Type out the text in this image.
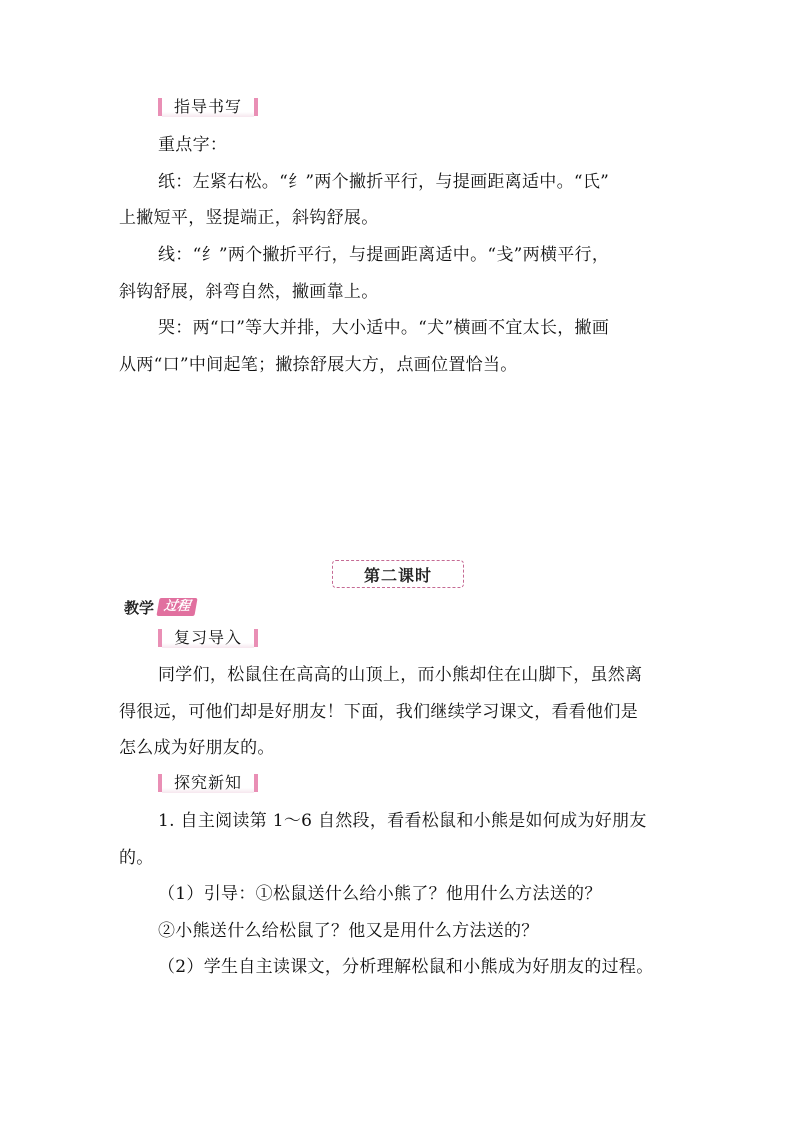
指导书写
重点字：
纸：左紧右松。“纟”两个撇折平行，与提画距离适中。“氏”
上撇短平，竖提端正，斜钩舒展。
线：“纟”两个撇折平行，与提画距离适中。“戋”两横平行，
斜钩舒展，斜弯自然，撇画靠上。
哭：两“口”等大并排，大小适中。“犬”横画不宜太长，撇画
从两“口”中间起笔；撇捺舒展大方，点画位置恰当。
第二课时
教学 过程
复习导入
同学们，松鼠住在高高的山顶上，而小熊却住在山脚下，虽然离
得很远，可他们却是好朋友！下面，我们继续学习课文，看看他们是
怎么成为好朋友的。
探究新知
1. 自主阅读第 1～6 自然段，看看松鼠和小熊是如何成为好朋友
的。
（1）引导：①松鼠送什么给小熊了？他用什么方法送的？
②小熊送什么给松鼠了？他又是用什么方法送的？
（2）学生自主读课文，分析理解松鼠和小熊成为好朋友的过程。
